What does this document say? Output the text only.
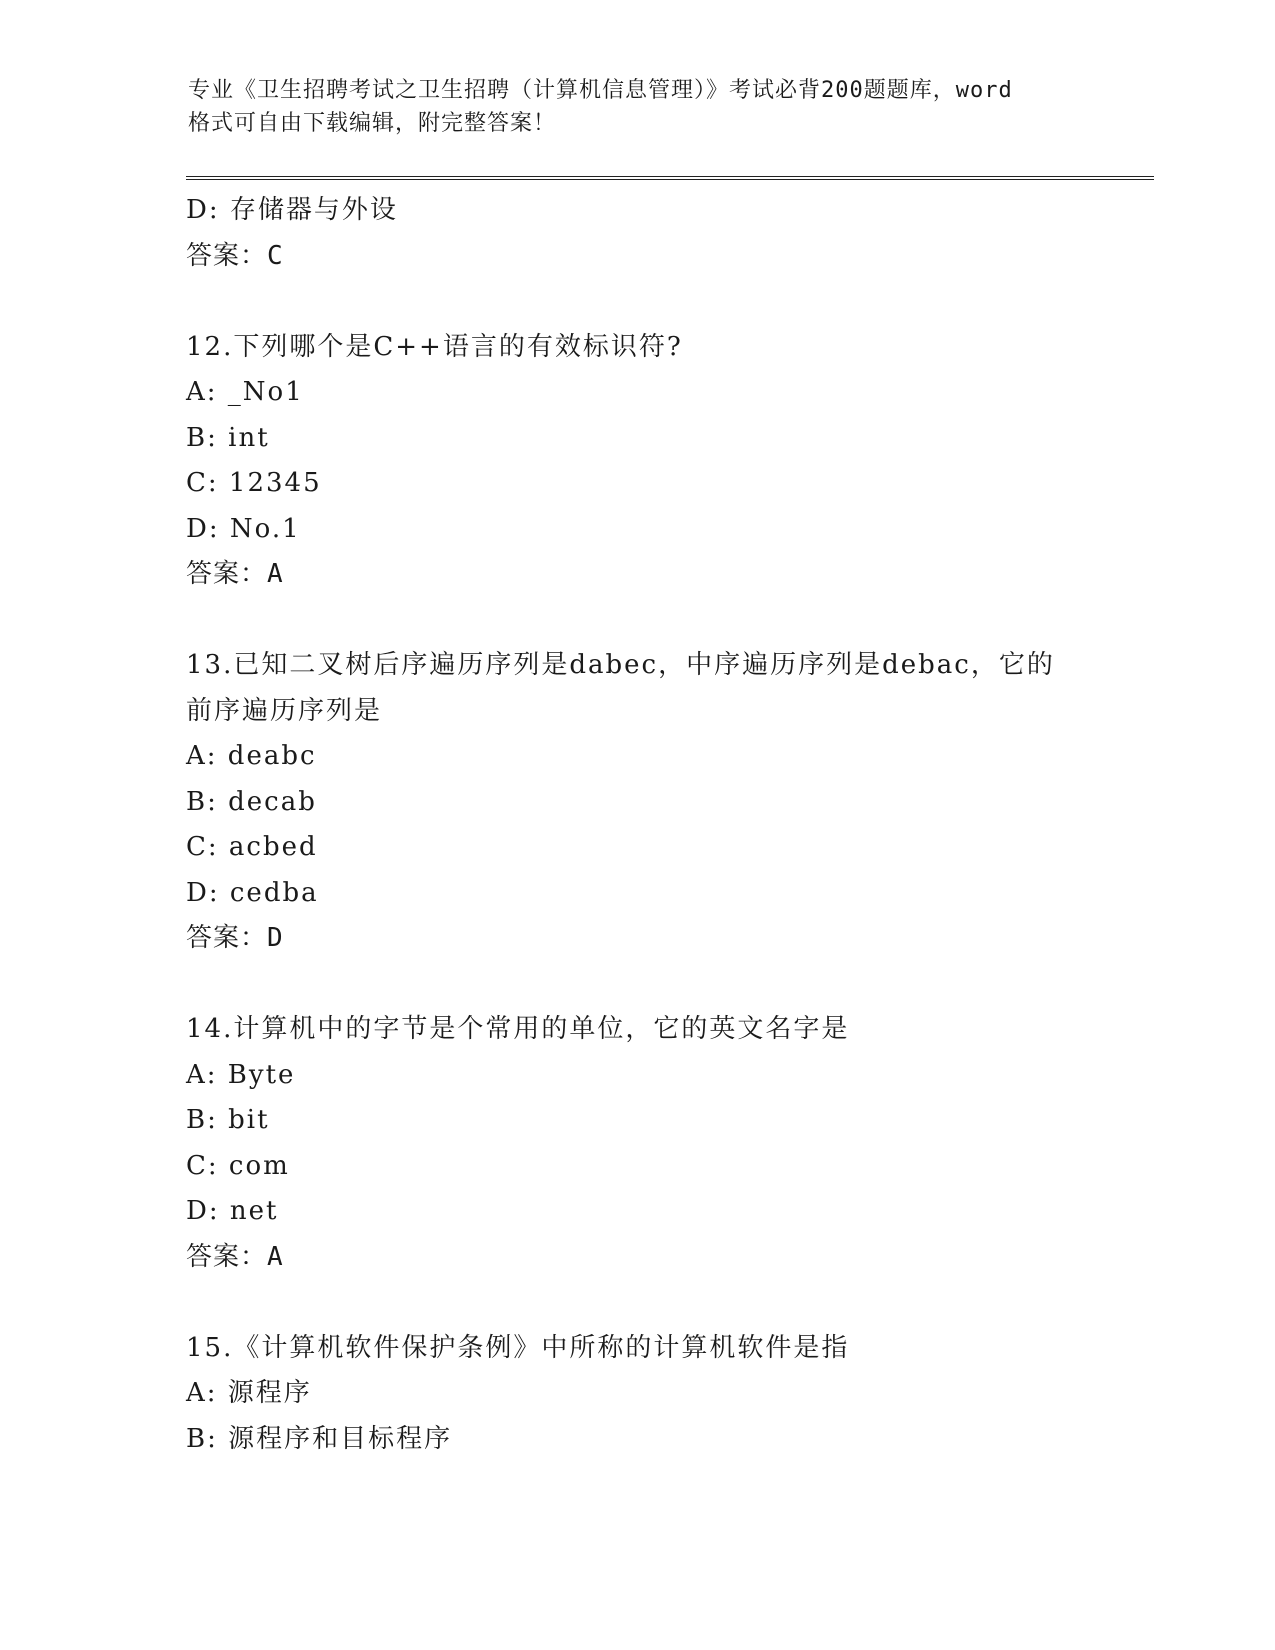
专业《卫生招聘考试之卫生招聘（计算机信息管理）》考试必背200题题库，word
格式可自由下载编辑，附完整答案！
D: 存储器与外设
答案：C
12.下列哪个是C++语言的有效标识符?
A: _No1
B: int
C: 12345
D: No.1
答案：A
13.已知二叉树后序遍历序列是dabec，中序遍历序列是debac，它的
前序遍历序列是
A: deabc
B: decab
C: acbed
D: cedba
答案：D
14.计算机中的字节是个常用的单位，它的英文名字是
A: Byte
B: bit
C: com
D: net
答案：A
15.《计算机软件保护条例》中所称的计算机软件是指
A: 源程序
B: 源程序和目标程序
